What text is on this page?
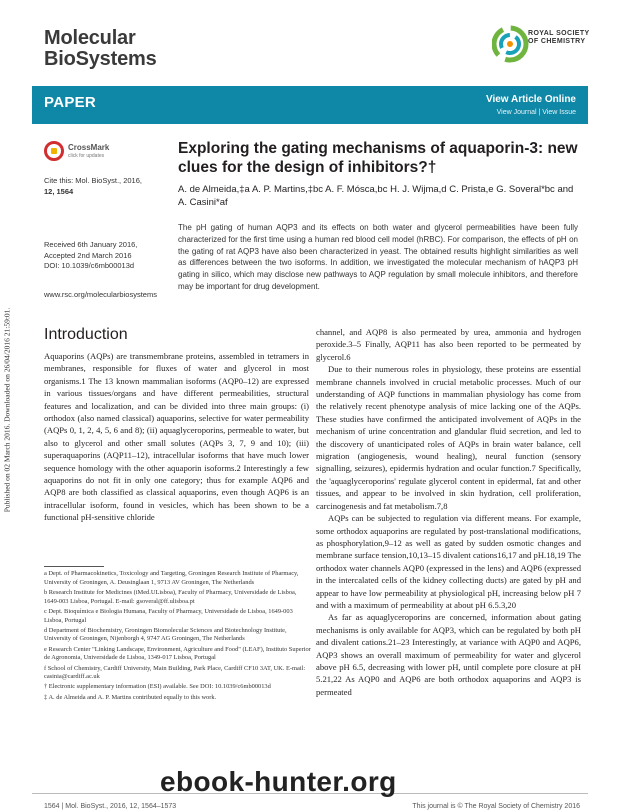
Molecular
BioSystems
ROYAL SOCIETY
OF CHEMISTRY
PAPER	View Article Online
View Journal | View Issue
Published on 02 March 2016. Downloaded on 26/04/2016 21:59:01.
CrossMark
click for updates
Cite this: Mol. BioSyst., 2016,
12, 1564
Received 6th January 2016,
Accepted 2nd March 2016
DOI: 10.1039/c6mb00013d
www.rsc.org/molecularbiosystems
Exploring the gating mechanisms of aquaporin-3: new clues for the design of inhibitors?†
A. de Almeida,‡a A. P. Martins,‡bc A. F. Mósca,bc H. J. Wijma,d C. Prista,e G. Soveral*bc and A. Casini*af
The pH gating of human AQP3 and its effects on both water and glycerol permeabilities have been fully characterized for the first time using a human red blood cell model (hRBC). For comparison, the effects of pH on the gating of rat AQP3 have also been characterized in yeast. The obtained results highlight similarities as well as differences between the two isoforms. In addition, we investigated the molecular mechanism of hAQP3 pH gating in silico, which may disclose new pathways to AQP regulation by small molecule inhibitors, and therefore may be important for drug development.
Introduction

Aquaporins (AQPs) are transmembrane proteins, assembled in tetramers in membranes, responsible for fluxes of water and glycerol in most organisms.1 The 13 known mammalian isoforms (AQP0–12) are expressed in various tissues/organs and have different permeabilities, structural features and localization, and can be divided into three main groups: (i) orthodox (also named classical) aquaporins, selective for water permeability (AQPs 0, 1, 2, 4, 5, 6 and 8); (ii) aquaglyceroporins, permeable to water, but also to glycerol and other small solutes (AQPs 3, 7, 9 and 10); (iii) superaquaporins (AQP11–12), intracellular isoforms that have much lower sequence homology with the other aquaporin isoforms.2 Interestingly a few aquaporins do not fit in only one category; thus for example AQP6 and AQP8 are both classified as classical aquaporins, even though AQP6 is an intracellular isoform, found in vesicles, which has been shown to be a functional pH-sensitive chloride

a Dept. of Pharmacokinetics, Toxicology and Targeting, Groningen Research Institute of Pharmacy, University of Groningen, A. Deusinglaan 1, 9713 AV Groningen, The Netherlands

b Research Institute for Medicines (iMed.ULisboa), Faculty of Pharmacy, Universidade de Lisboa, 1649-003 Lisboa, Portugal. E-mail: gsoveral@ff.ulisboa.pt

c Dept. Bioquímica e Biologia Humana, Faculty of Pharmacy, Universidade de Lisboa, 1649-003 Lisboa, Portugal

d Department of Biochemistry, Groningen Biomolecular Sciences and Biotechnology Institute, University of Groningen, Nijenborgh 4, 9747 AG Groningen, The Netherlands

e Research Center "Linking Landscape, Environment, Agriculture and Food" (LEAF), Instituto Superior de Agronomia, Universidade de Lisboa, 1349-017 Lisboa, Portugal

f School of Chemistry, Cardiff University, Main Building, Park Place, Cardiff CF10 3AT, UK. E-mail: casinia@cardiff.ac.uk

† Electronic supplementary information (ESI) available. See DOI: 10.1039/c6mb00013d

‡ A. de Almeida and A. P. Martins contributed equally to this work.

channel, and AQP8 is also permeated by urea, ammonia and hydrogen peroxide.3–5 Finally, AQP11 has also been reported to be permeated by glycerol.6

Due to their numerous roles in physiology, these proteins are essential membrane channels involved in crucial metabolic processes. Much of our understanding of AQP functions in mammalian physiology has come from the relatively recent phenotype analysis of mice lacking one of the AQPs. These studies have confirmed the anticipated involvement of AQPs in the mechanism of urine concentration and glandular fluid secretion, and led to the discovery of unanticipated roles of AQPs in brain water balance, cell migration (angiogenesis, wound healing), neural function (sensory signalling, seizures), epidermis hydration and ocular function.7 Specifically, the 'aquaglyceroporins' regulate glycerol content in epidermal, fat and other tissues, and appear to be involved in skin hydration, cell proliferation, carcinogenesis and fat metabolism.7,8

AQPs can be subjected to regulation via different means. For example, some orthodox aquaporins are regulated by post-translational modifications, as phosphorylation,9–12 as well as gated by sudden osmotic changes and membrane surface tension,10,13–15 divalent cations16,17 and pH.18,19 The orthodox water channels AQP0 (expressed in the lens) and AQP6 (expressed in the intercalated cells of the kidney collecting ducts) are gated by pH and appear to have low permeability at physiological pH, increasing below pH 7 and with a maximum of permeability at about pH 6.5.3,20

As far as aquaglyceroporins are concerned, information about gating mechanisms is only available for AQP3, which can be regulated by both pH and divalent cations.21–23 Interestingly, at variance with AQP0 and AQP6, AQP3 shows an overall maximum of permeability for water and glycerol above pH 6.5, decreasing with lower pH, until complete pore closure at pH 5.21,22 As AQP0 and AQP6 are both orthodox aquaporins and AQP3 is permeated

1564 | Mol. BioSyst., 2016, 12, 1564–1573	This journal is © The Royal Society of Chemistry 2016
ebook-hunter.org
